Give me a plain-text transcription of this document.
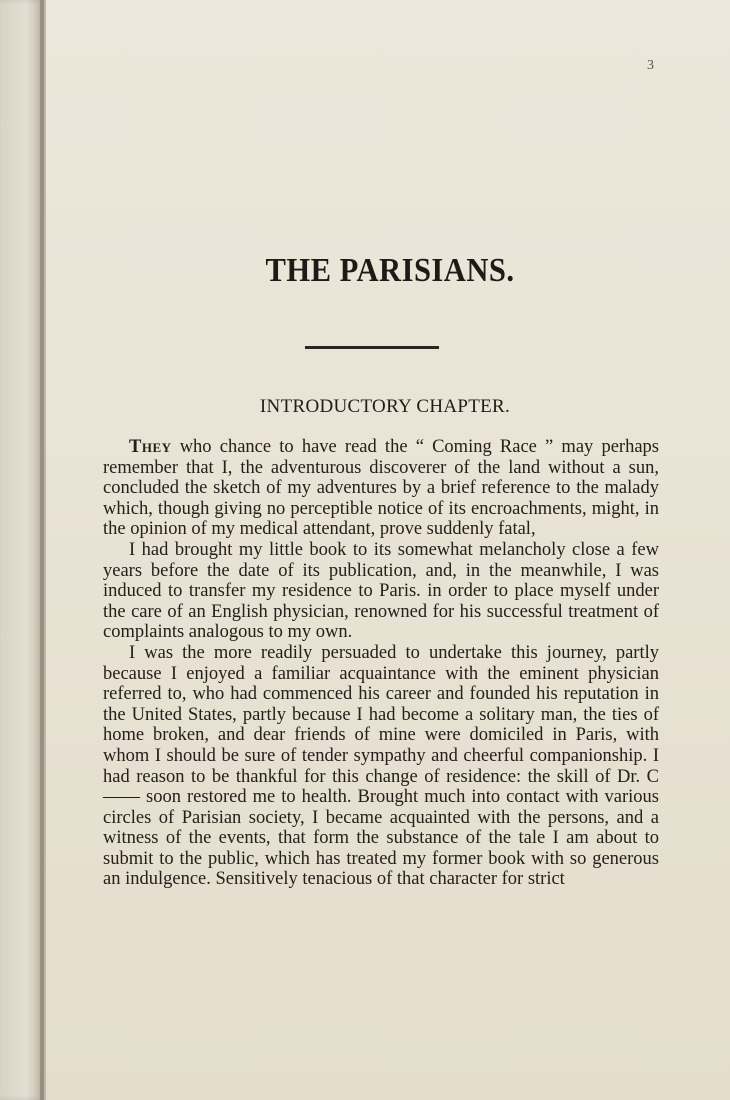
3

THE PARISIANS.
INTRODUCTORY CHAPTER.

They who chance to have read the “ Coming Race ” may perhaps remember that I, the adventurous discoverer of the land without a sun, concluded the sketch of my adventures by a brief reference to the malady which, though giving no perceptible notice of its encroachments, might, in the opinion of my medical attendant, prove suddenly fatal,

I had brought my little book to its somewhat melancholy close a few years before the date of its publication, and, in the meanwhile, I was induced to transfer my residence to Paris. in order to place myself under the care of an English physician, renowned for his successful treatment of complaints analogous to my own.

I was the more readily persuaded to undertake this journey, partly because I enjoyed a familiar acquaintance with the eminent physician referred to, who had commenced his career and founded his reputation in the United States, partly because I had become a solitary man, the ties of home broken, and dear friends of mine were domiciled in Paris, with whom I should be sure of tender sympathy and cheerful companionship. I had reason to be thankful for this change of residence: the skill of Dr. C—— soon restored me to health. Brought much into contact with various circles of Parisian society, I became acquainted with the persons, and a witness of the events, that form the substance of the tale I am about to submit to the public, which has treated my former book with so generous an indulgence. Sensitively tenacious of that character for strict
